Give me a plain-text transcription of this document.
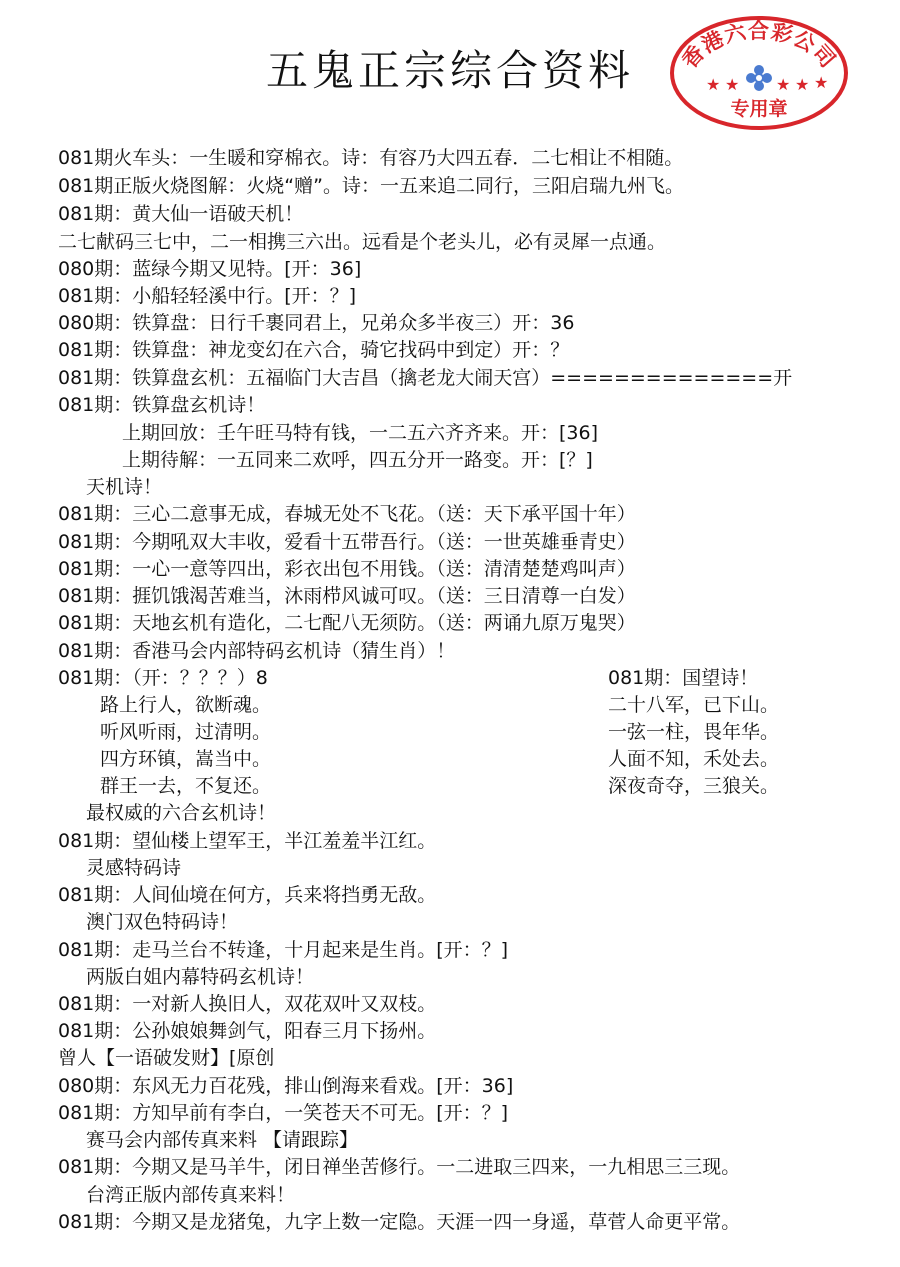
五鬼正宗综合资料	香港六合彩公司
★ ★ ★ ★ ★
专用章
081期火车头：一生暖和穿棉衣。诗：有容乃大四五春．二七相让不相随。
081期正版火烧图解：火烧“赠”。诗：一五来追二同行，三阳启瑞九州飞。
081期：黄大仙一语破天机！
二七献码三七中，二一相携三六出。远看是个老头儿，必有灵犀一点通。
080期：蓝绿今期又见特。[开：36]
081期：小船轻轻溪中行。[开：？]
080期：铁算盘：日行千裹同君上，兄弟众多半夜三）开：36
081期：铁算盘：神龙变幻在六合，骑它找码中到定）开：？
081期：铁算盘玄机：五福临门大吉昌（擒老龙大闹天宫）==============开
081期：铁算盘玄机诗！
上期回放：壬午旺马特有钱，一二五六齐齐来。开：[36]
上期待解：一五同来二欢呼，四五分开一路变。开：[？]
天机诗！
081期：三心二意事无成，春城无处不飞花。（送：天下承平国十年）
081期：今期吼双大丰收，爱看十五带吾行。（送：一世英雄垂青史）
081期：一心一意等四出，彩衣出包不用钱。（送：清清楚楚鸡叫声）
081期：捱饥饿渴苦难当，沐雨栉风诚可叹。（送：三日清尊一白发）
081期：天地玄机有造化，二七配八无须防。（送：两诵九原万鬼哭）
081期：香港马会内部特码玄机诗（猜生肖）！
081期：（开：？？？）8
路上行人，欲断魂。
听风听雨，过清明。
四方环镇，嵩当中。
群王一去，不复还。
最权威的六合玄机诗！
081期：望仙楼上望军王，半江羞羞半江红。
灵感特码诗
081期：人间仙境在何方，兵来将挡勇无敌。
澳门双色特码诗！
081期：走马兰台不转逢，十月起来是生肖。[开：？]
两版白姐内幕特码玄机诗！
081期：一对新人换旧人，双花双叶又双枝。
081期：公孙娘娘舞剑气，阳春三月下扬州。
曾人【一语破发财】[原创
080期：东风无力百花残，排山倒海来看戏。[开：36]
081期：方知早前有李白，一笑苍天不可无。[开：？]
赛马会内部传真来料 【请跟踪】
081期：今期又是马羊牛，闭日禅坐苦修行。一二进取三四来，一九相思三三现。
台湾正版内部传真来料！
081期：今期又是龙猪兔，九字上数一定隐。天涯一四一身遥，草菅人命更平常。
081期：国望诗！
二十八军，已下山。
一弦一柱，畏年华。
人面不知，禾处去。
深夜奇夺，三狼关。
